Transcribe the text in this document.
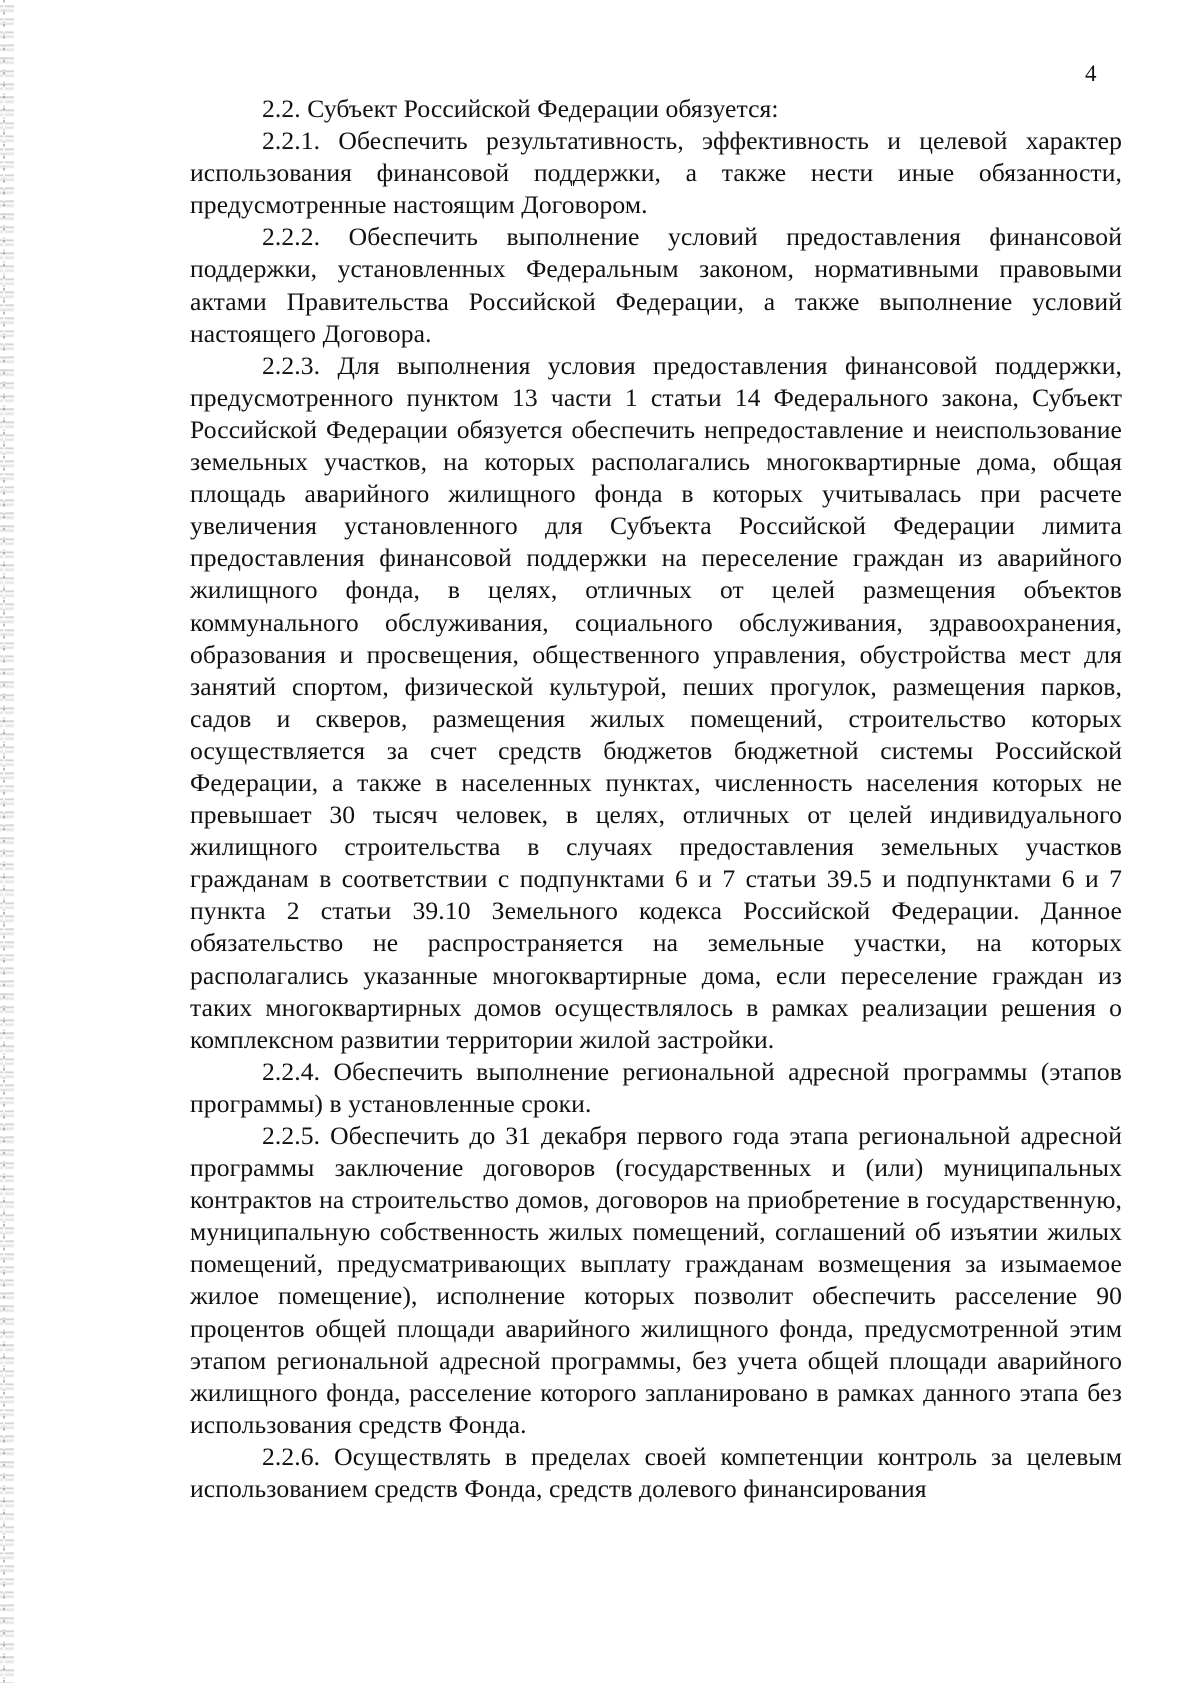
4

2.2. Субъект Российской Федерации обязуется:

2.2.1. Обеспечить результативность, эффективность и целевой характер использования финансовой поддержки, а также нести иные обязанности, предусмотренные настоящим Договором.

2.2.2. Обеспечить выполнение условий предоставления финансовой поддержки, установленных Федеральным законом, нормативными правовыми актами Правительства Российской Федерации, а также выполнение условий настоящего Договора.

2.2.3. Для выполнения условия предоставления финансовой поддержки, предусмотренного пунктом 13 части 1 статьи 14 Федерального закона, Субъект Российской Федерации обязуется обеспечить непредоставление и неиспользование земельных участков, на которых располагались многоквартирные дома, общая площадь аварийного жилищного фонда в которых учитывалась при расчете увеличения установленного для Субъекта Российской Федерации лимита предоставления финансовой поддержки на переселение граждан из аварийного жилищного фонда, в целях, отличных от целей размещения объектов коммунального обслуживания, социального обслуживания, здравоохранения, образования и просвещения, общественного управления, обустройства мест для занятий спортом, физической культурой, пеших прогулок, размещения парков, садов и скверов, размещения жилых помещений, строительство которых осуществляется за счет средств бюджетов бюджетной системы Российской Федерации, а также в населенных пунктах, численность населения которых не превышает 30 тысяч человек, в целях, отличных от целей индивидуального жилищного строительства в случаях предоставления земельных участков гражданам в соответствии с подпунктами 6 и 7 статьи 39.5 и подпунктами 6 и 7 пункта 2 статьи 39.10 Земельного кодекса Российской Федерации. Данное обязательство не распространяется на земельные участки, на которых располагались указанные многоквартирные дома, если переселение граждан из таких многоквартирных домов осуществлялось в рамках реализации решения о комплексном развитии территории жилой застройки.

2.2.4. Обеспечить выполнение региональной адресной программы (этапов программы) в установленные сроки.

2.2.5. Обеспечить до 31 декабря первого года этапа региональной адресной программы заключение договоров (государственных и (или) муниципальных контрактов на строительство домов, договоров на приобретение в государственную, муниципальную собственность жилых помещений, соглашений об изъятии жилых помещений, предусматривающих выплату гражданам возмещения за изымаемое жилое помещение), исполнение которых позволит обеспечить расселение 90 процентов общей площади аварийного жилищного фонда, предусмотренной этим этапом региональной адресной программы, без учета общей площади аварийного жилищного фонда, расселение которого запланировано в рамках данного этапа без использования средств Фонда.

2.2.6. Осуществлять в пределах своей компетенции контроль за целевым использованием средств Фонда, средств долевого финансирования
